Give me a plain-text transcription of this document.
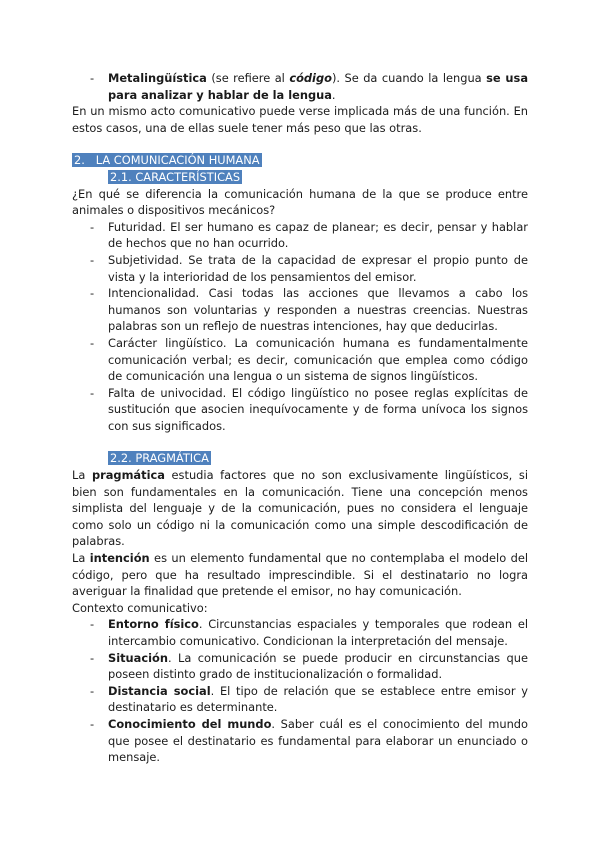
- Metalingüística (se refiere al código). Se da cuando la lengua se usa para analizar y hablar de la lengua.

En un mismo acto comunicativo puede verse implicada más de una función. En estos casos, una de ellas suele tener más peso que las otras.

2. LA COMUNICACIÓN HUMANA
2.1. CARACTERÍSTICAS

¿En qué se diferencia la comunicación humana de la que se produce entre animales o dispositivos mecánicos?

- Futuridad. El ser humano es capaz de planear; es decir, pensar y hablar de hechos que no han ocurrido.
- Subjetividad. Se trata de la capacidad de expresar el propio punto de vista y la interioridad de los pensamientos del emisor.
- Intencionalidad. Casi todas las acciones que llevamos a cabo los humanos son voluntarias y responden a nuestras creencias. Nuestras palabras son un reflejo de nuestras intenciones, hay que deducirlas.
- Carácter lingüístico. La comunicación humana es fundamentalmente comunicación verbal; es decir, comunicación que emplea como código de comunicación una lengua o un sistema de signos lingüísticos.
- Falta de univocidad. El código lingüístico no posee reglas explícitas de sustitución que asocien inequívocamente y de forma unívoca los signos con sus significados.
2.2. PRAGMÁTICA

La pragmática estudia factores que no son exclusivamente lingüísticos, si bien son fundamentales en la comunicación. Tiene una concepción menos simplista del lenguaje y de la comunicación, pues no considera el lenguaje como solo un código ni la comunicación como una simple descodificación de palabras.

La intención es un elemento fundamental que no contemplaba el modelo del código, pero que ha resultado imprescindible. Si el destinatario no logra averiguar la finalidad que pretende el emisor, no hay comunicación.

Contexto comunicativo:

- Entorno físico. Circunstancias espaciales y temporales que rodean el intercambio comunicativo. Condicionan la interpretación del mensaje.
- Situación. La comunicación se puede producir en circunstancias que poseen distinto grado de institucionalización o formalidad.
- Distancia social. El tipo de relación que se establece entre emisor y destinatario es determinante.
- Conocimiento del mundo. Saber cuál es el conocimiento del mundo que posee el destinatario es fundamental para elaborar un enunciado o mensaje.
